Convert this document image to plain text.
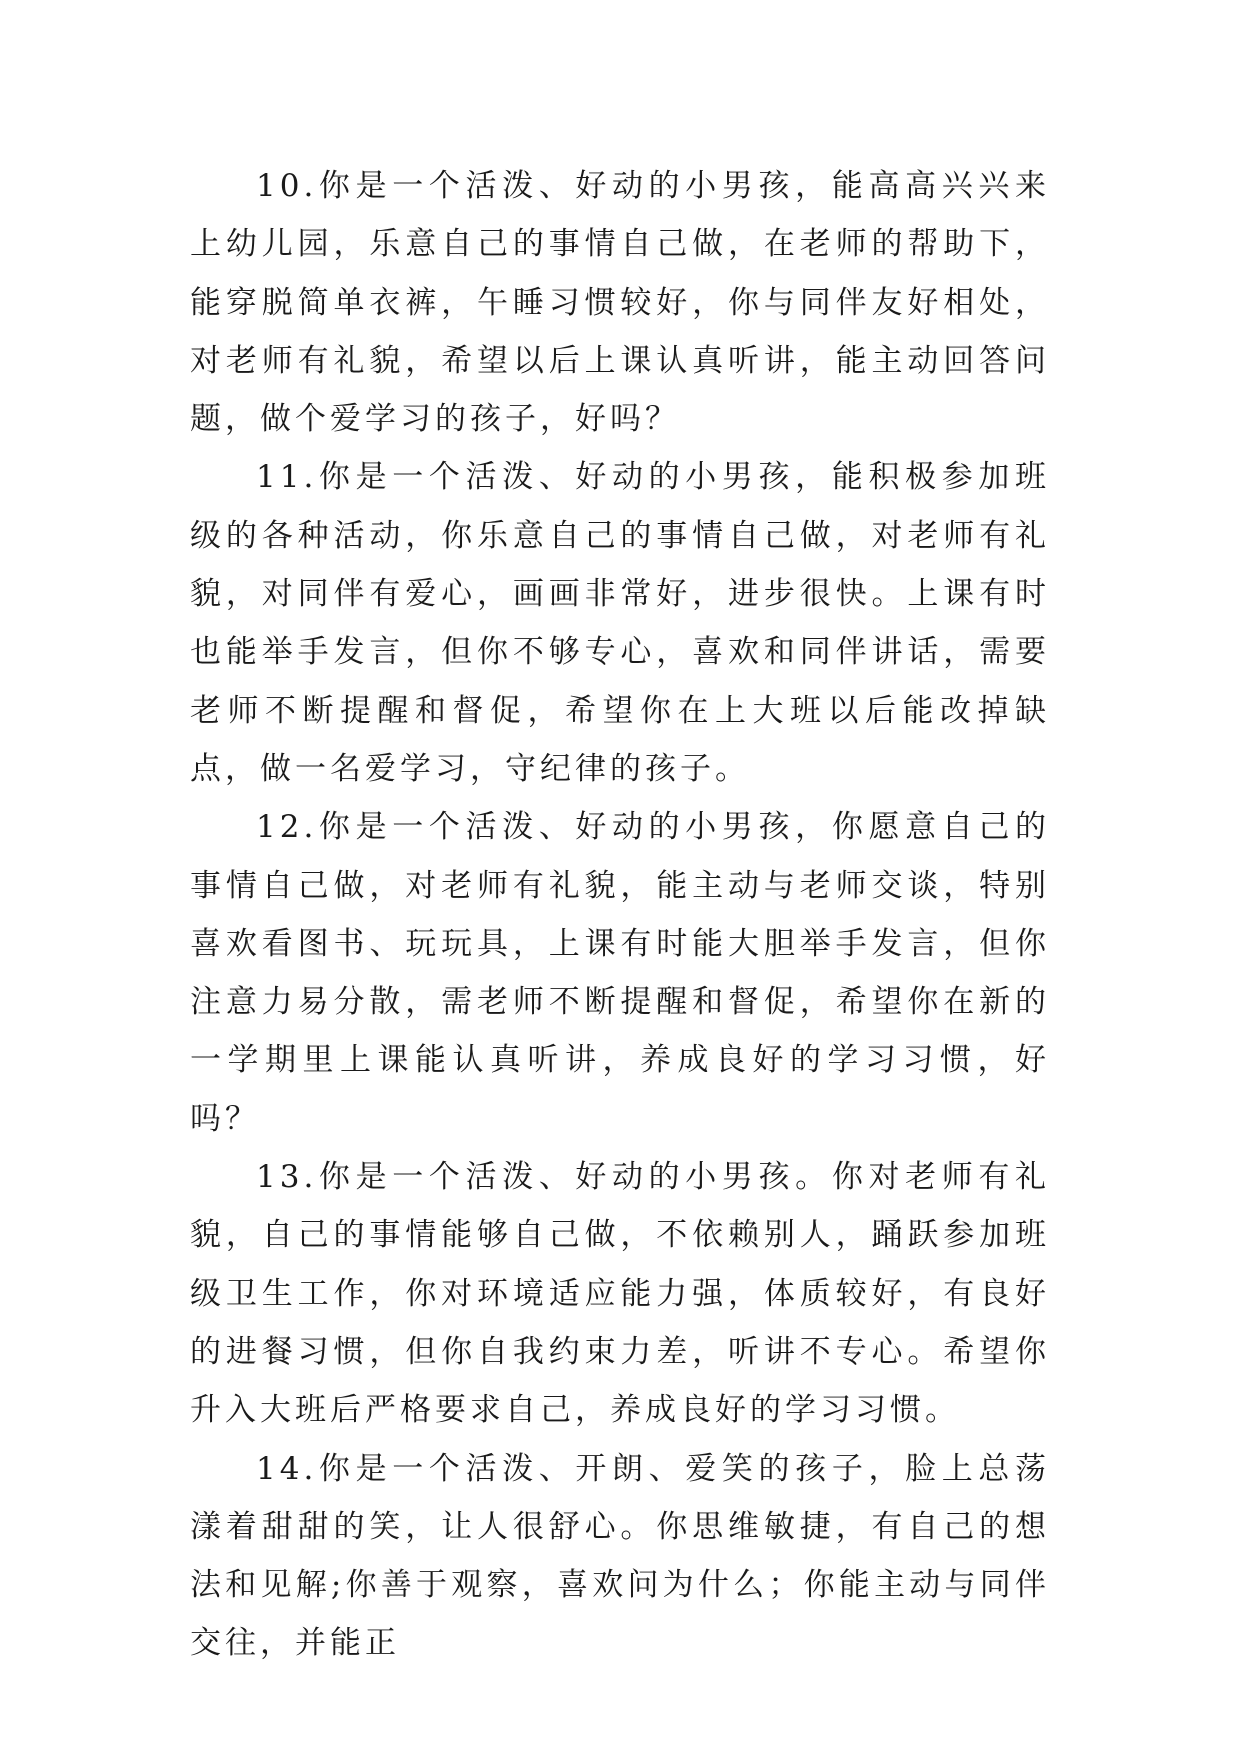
10.你是一个活泼、好动的小男孩，能高高兴兴来上幼儿园，乐意自己的事情自己做，在老师的帮助下，能穿脱简单衣裤，午睡习惯较好，你与同伴友好相处，对老师有礼貌，希望以后上课认真听讲，能主动回答问题，做个爱学习的孩子，好吗？

11.你是一个活泼、好动的小男孩，能积极参加班级的各种活动，你乐意自己的事情自己做，对老师有礼貌，对同伴有爱心，画画非常好，进步很快。上课有时也能举手发言，但你不够专心，喜欢和同伴讲话，需要老师不断提醒和督促，希望你在上大班以后能改掉缺点，做一名爱学习，守纪律的孩子。

12.你是一个活泼、好动的小男孩，你愿意自己的事情自己做，对老师有礼貌，能主动与老师交谈，特别喜欢看图书、玩玩具，上课有时能大胆举手发言，但你注意力易分散，需老师不断提醒和督促，希望你在新的一学期里上课能认真听讲，养成良好的学习习惯，好吗？

13.你是一个活泼、好动的小男孩。你对老师有礼貌，自己的事情能够自己做，不依赖别人，踊跃参加班级卫生工作，你对环境适应能力强，体质较好，有良好的进餐习惯，但你自我约束力差，听讲不专心。希望你升入大班后严格要求自己，养成良好的学习习惯。

14.你是一个活泼、开朗、爱笑的孩子，脸上总荡漾着甜甜的笑，让人很舒心。你思维敏捷，有自己的想法和见解;你善于观察，喜欢问为什么；你能主动与同伴交往，并能正
